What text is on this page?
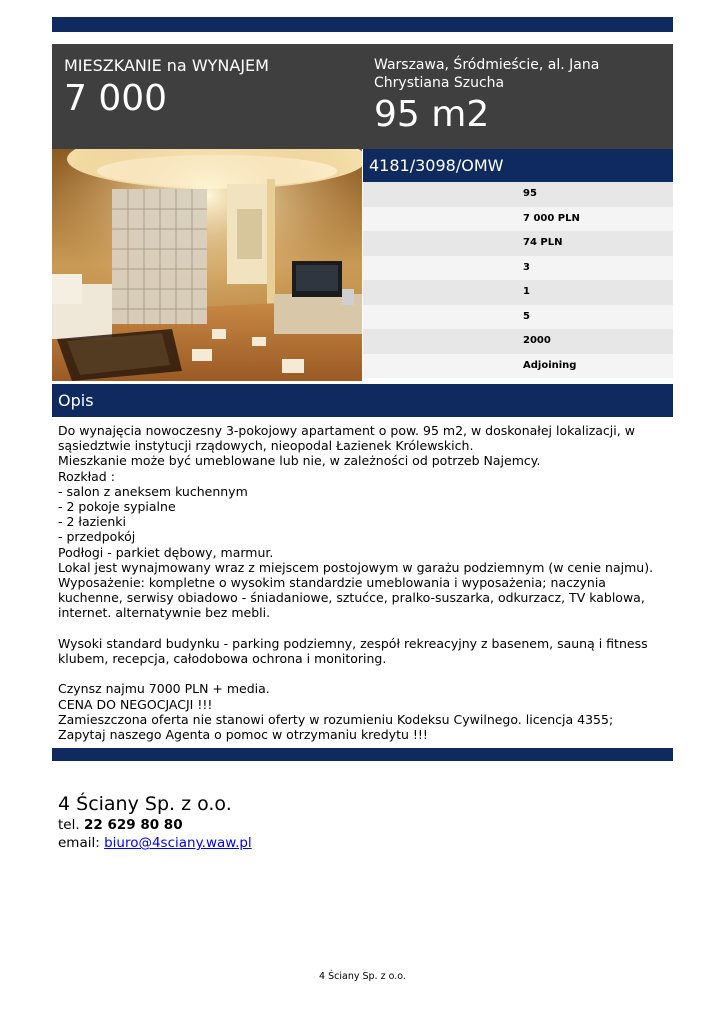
MIESZKANIE na WYNAJEM
7 000
Warszawa, Śródmieście, al. Jana Chrystiana Szucha
95 m2
4181/3098/OMW
95
7 000 PLN
74 PLN
3
1
5
2000
Adjoining
Opis

Do wynajęcia nowoczesny 3-pokojowy apartament o pow. 95 m2, w doskonałej lokalizacji, w sąsiedztwie instytucji rządowych, nieopodal Łazienek Królewskich.

Mieszkanie może być umeblowane lub nie, w zależności od potrzeb Najemcy.

Rozkład :

- salon z aneksem kuchennym

- 2 pokoje sypialne

- 2 łazienki

- przedpokój

Podłogi - parkiet dębowy, marmur.

Lokal jest wynajmowany wraz z miejscem postojowym w garażu podziemnym (w cenie najmu).

Wyposażenie: kompletne o wysokim standardzie umeblowania i wyposażenia; naczynia kuchenne, serwisy obiadowo - śniadaniowe, sztućce, pralko-suszarka, odkurzacz, TV kablowa, internet. alternatywnie bez mebli.

Wysoki standard budynku - parking podziemny, zespół rekreacyjny z basenem, sauną i fitness klubem, recepcja, całodobowa ochrona i monitoring.

Czynsz najmu 7000 PLN + media.

CENA DO NEGOCJACJI !!!

Zamieszczona oferta nie stanowi oferty w rozumieniu Kodeksu Cywilnego. licencja 4355;

Zapytaj naszego Agenta o pomoc w otrzymaniu kredytu !!!

4 Ściany Sp. z o.o.
tel. 22 629 80 80
email: biuro@4sciany.waw.pl
4 Ściany Sp. z o.o.
